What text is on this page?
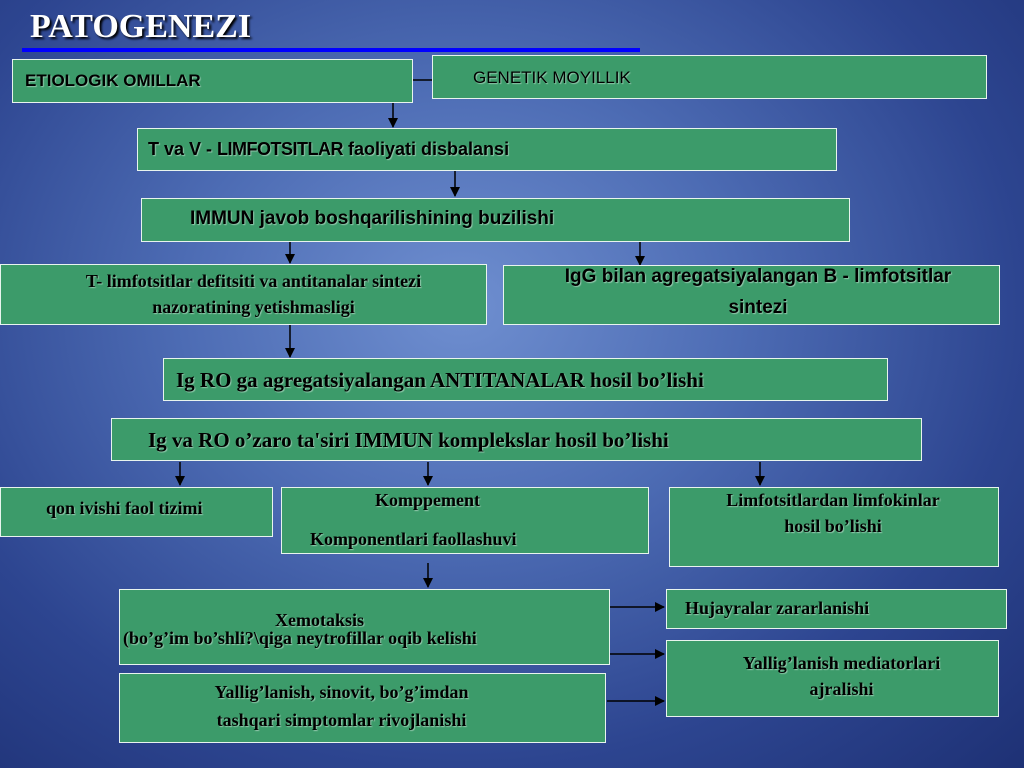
PATOGENEZI
ETIOLOGIK OMILLAR	GENETIK MOYILLIK
T va V - LIMFOTSITLAR faoliyati disbalansi
IMMUN javob boshqarilishining buzilishi
T- limfotsitlar defitsiti va antitanalar sintezi
nazoratining yetishmasligi
IgG bilan agregatsiyalangan B - limfotsitlar
sintezi
Ig RO ga agregatsiyalangan ANTITANALAR hosil bo’lishi
Ig va RO o’zaro ta'siri IMMUN komplekslar hosil bo’lishi
qon ivishi faol tizimi	Komppement
Komponentlari faollashuvi
Limfotsitlardan limfokinlar
hosil bo’lishi
Xemotaksis
(bo’g’im bo’shli?\qiga neytrofillar oqib kelishi
Hujayralar zararlanishi
Yallig’lanish mediatorlari
ajralishi
Yallig’lanish, sinovit, bo’g’imdan
tashqari simptomlar rivojlanishi
